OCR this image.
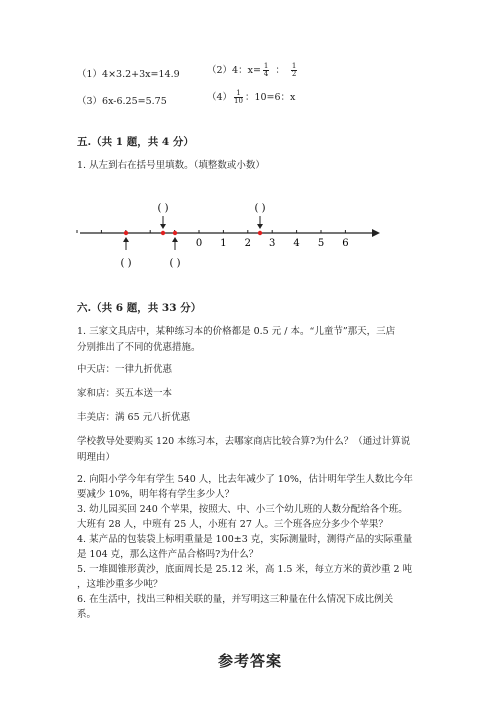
（1）4×3.2+3x=14.9	（2）4：$x= \frac{1}{4}$ ： $\frac{1}{2}$
（3）6x-6.25=5.75	$(4) \frac{1}{10}$ ：10=6：x
五.（共 1 题，共 4 分）
1. 从左到右在括号里填数。（填整数或小数）
0 1 2 3 4 5 6
( )	( )
( )	( )
六.（共 6 题，共 33 分）
1. 三家文具店中，某种练习本的价格都是 0.5 元 / 本。“儿童节”那天，三店
分别推出了不同的优惠措施。
中天店：一律九折优惠
家和店：买五本送一本
丰美店：满 65 元八折优惠
学校教导处要购买 120 本练习本，去哪家商店比较合算?为什么？（通过计算说
明理由）
2. 向阳小学今年有学生 540 人，比去年减少了 10%，估计明年学生人数比今年
要减少 10%，明年将有学生多少人？
3. 幼儿园买回 240 个苹果，按照大、中、小三个幼儿班的人数分配给各个班。
大班有 28 人，中班有 25 人，小班有 27 人。三个班各应分多少个苹果？
4. 某产品的包装袋上标明重量是 100±3 克，实际测量时，测得产品的实际重量
是 104 克，那么这件产品合格吗?为什么？
5. 一堆圆锥形黄沙，底面周长是 25.12 米，高 1.5 米，每立方米的黄沙重 2 吨
，这堆沙重多少吨？
6. 在生活中，找出三种相关联的量，并写明这三种量在什么情况下成比例关
系。
参考答案
